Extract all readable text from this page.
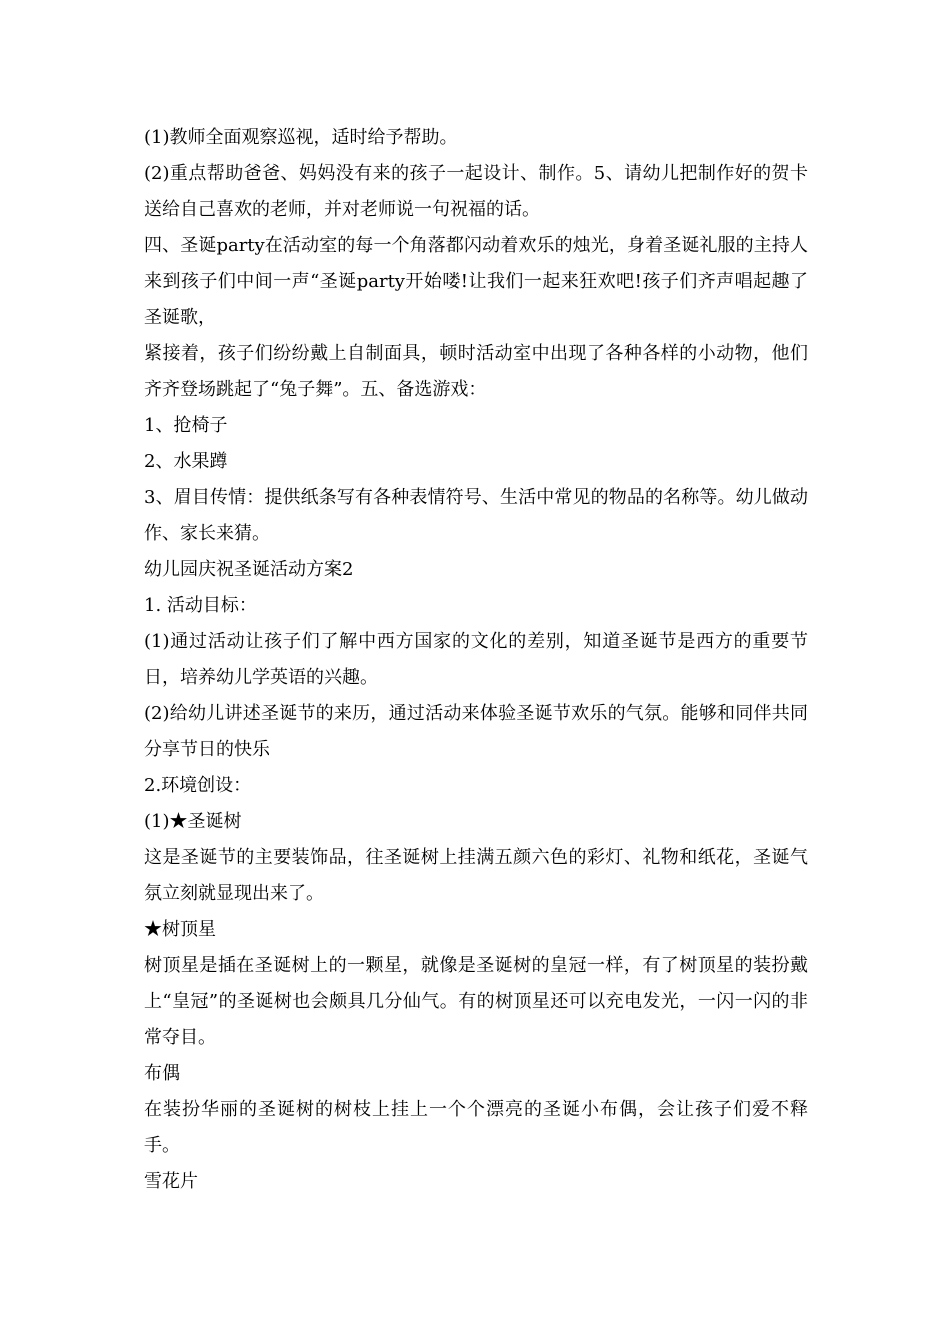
(1)教师全面观察巡视，适时给予帮助。

(2)重点帮助爸爸、妈妈没有来的孩子一起设计、制作。5、请幼儿把制作好的贺卡送给自己喜欢的老师，并对老师说一句祝福的话。

四、圣诞party在活动室的每一个角落都闪动着欢乐的烛光，身着圣诞礼服的主持人来到孩子们中间一声“圣诞party开始喽!让我们一起来狂欢吧!孩子们齐声唱起趣了圣诞歌，

紧接着，孩子们纷纷戴上自制面具，顿时活动室中出现了各种各样的小动物，他们齐齐登场跳起了“兔子舞”。五、备选游戏：

1、抢椅子

2、水果蹲

3、眉目传情：提供纸条写有各种表情符号、生活中常见的物品的名称等。幼儿做动作、家长来猜。

幼儿园庆祝圣诞活动方案2

1. 活动目标：

(1)通过活动让孩子们了解中西方国家的文化的差别，知道圣诞节是西方的重要节日，培养幼儿学英语的兴趣。

(2)给幼儿讲述圣诞节的来历，通过活动来体验圣诞节欢乐的气氛。能够和同伴共同分享节日的快乐

2.环境创设：

(1)★圣诞树

这是圣诞节的主要装饰品，往圣诞树上挂满五颜六色的彩灯、礼物和纸花，圣诞气氛立刻就显现出来了。

★树顶星

树顶星是插在圣诞树上的一颗星，就像是圣诞树的皇冠一样，有了树顶星的装扮戴上“皇冠”的圣诞树也会颇具几分仙气。有的树顶星还可以充电发光，一闪一闪的非常夺目。

布偶

在装扮华丽的圣诞树的树枝上挂上一个个漂亮的圣诞小布偶，会让孩子们爱不释手。

雪花片
